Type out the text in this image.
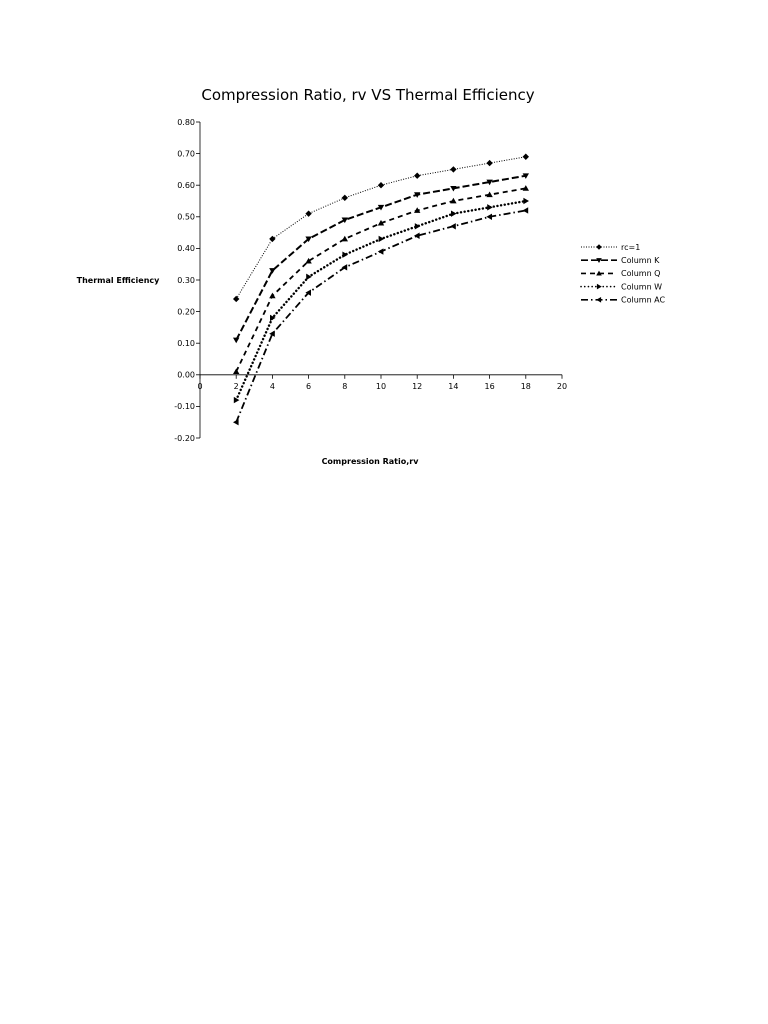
Compression Ratio, rv VS Thermal Efficiency
Thermal Efficiency
Compression Ratio,rv
0.80
0.70
0.60
0.50
0.40
0.30
0.20
0.10
0.00
-0.10
-0.20
0	2	4	6	8	10	12	14	16	18	20
rc=1
Column K
Column Q
Column W
Column AC
